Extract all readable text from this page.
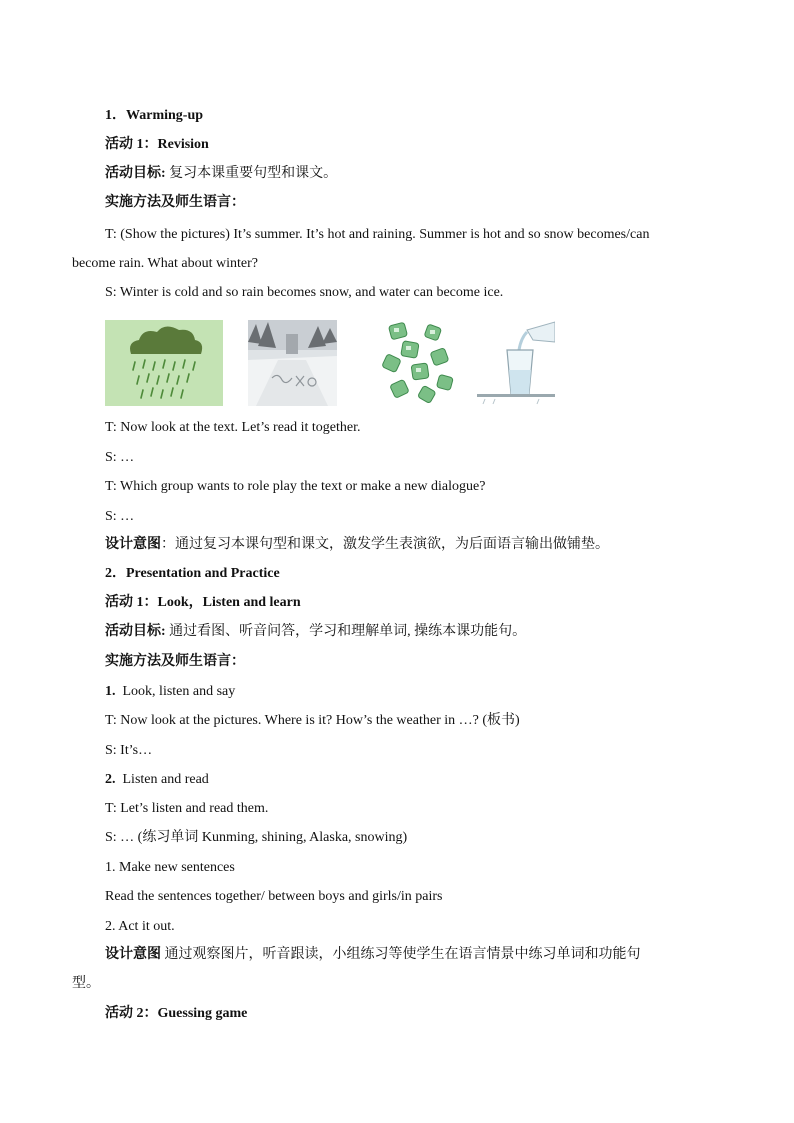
1．Warming-up
活动 1：Revision
活动目标: 复习本课重要句型和课文。
实施方法及师生语言：
T: (Show the pictures) It’s summer. It’s hot and raining. Summer is hot and so snow becomes/can
become rain. What about winter?
S: Winter is cold and so rain becomes snow, and water can become ice.
T: Now look at the text. Let’s read it together.
S: …
T: Which group wants to role play the text or make a new dialogue?
S: …
设计意图：通过复习本课句型和课文，激发学生表演欲，为后面语言输出做铺垫。
2．Presentation and Practice
活动 1：Look，Listen and learn
活动目标: 通过看图、听音问答，学习和理解单词, 操练本课功能句。
实施方法及师生语言：
1. Look, listen and say
T: Now look at the pictures. Where is it? How’s the weather in …? (板书)
S: It’s…
2. Listen and read
T: Let’s listen and read them.
S: … (练习单词 Kunming, shining, Alaska, snowing)
1. Make new sentences
Read the sentences together/ between boys and girls/in pairs
2. Act it out.
设计意图 通过观察图片，听音跟读，小组练习等使学生在语言情景中练习单词和功能句
型。
活动 2：Guessing game
